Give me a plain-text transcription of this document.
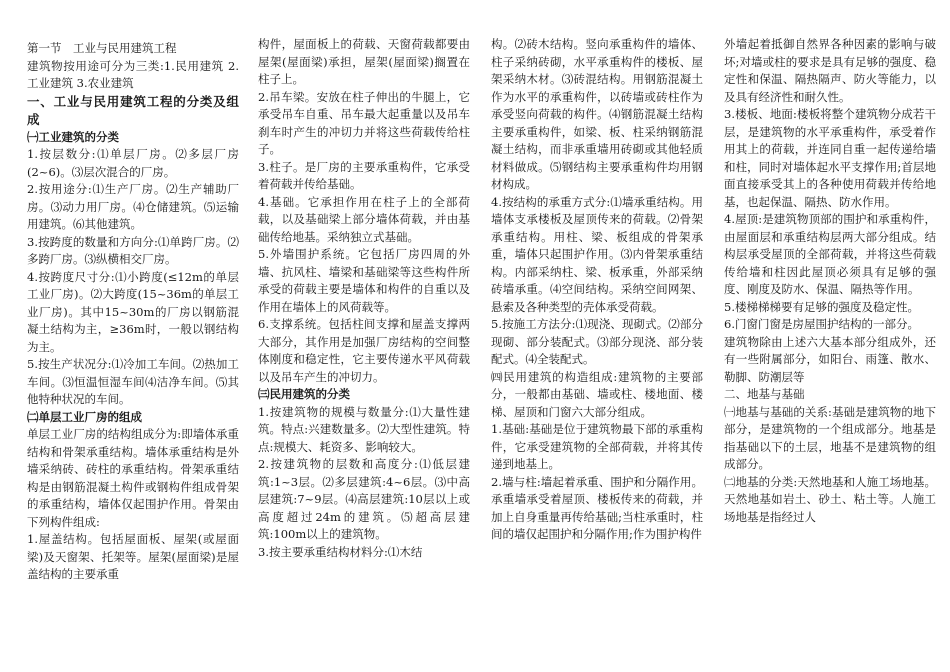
第一节　工业与民用建筑工程

建筑物按用途可分为三类:1.民用建筑 2.工业建筑 3.农业建筑

一、工业与民用建筑工程的分类及组成

㈠工业建筑的分类

1.按层数分:⑴单层厂房。⑵多层厂房(2~6)。⑶层次混合的厂房。

2.按用途分:⑴生产厂房。⑵生产辅助厂房。⑶动力用厂房。⑷仓储建筑。⑸运输用建筑。⑹其他建筑。

3.按跨度的数量和方向分:⑴单跨厂房。⑵多跨厂房。⑶纵横相交厂房。

4.按跨度尺寸分:⑴小跨度(≤12m的单层工业厂房)。⑵大跨度(15~36m的单层工业厂房)。其中15~30m的厂房以钢筋混凝土结构为主，≥36m时，一般以钢结构为主。

5.按生产状况分:⑴冷加工车间。⑵热加工车间。⑶恒温恒湿车间⑷洁净车间。⑸其他特种状况的车间。

㈡单层工业厂房的组成

单层工业厂房的结构组成分为:即墙体承重结构和骨架承重结构。墙体承重结构是外墙采纳砖、砖柱的承重结构。骨架承重结构是由钢筋混凝土构件或钢构件组成骨架的承重结构，墙体仅起围护作用。骨架由下列构件组成:

1.屋盖结构。包括屋面板、屋架(或屋面梁)及天窗架、托架等。屋架(屋面梁)是屋盖结构的主要承重

构件，屋面板上的荷载、天窗荷载都要由屋架(屋面梁)承担，屋架(屋面梁)搁置在柱子上。

2.吊车梁。安放在柱子伸出的牛腿上，它承受吊车自重、吊车最大起重量以及吊车刹车时产生的冲切力并将这些荷载传给柱子。

3.柱子。是厂房的主要承重构件，它承受着荷载并传给基础。

4.基础。它承担作用在柱子上的全部荷载，以及基础梁上部分墙体荷载，并由基础传给地基。采纳独立式基础。

5.外墙围护系统。它包括厂房四周的外墙、抗风柱、墙梁和基础梁等这些构件所承受的荷载主要是墙体和构件的自重以及作用在墙体上的风荷载等。

6.支撑系统。包括柱间支撑和屋盖支撑两大部分，其作用是加强厂房结构的空间整体刚度和稳定性，它主要传递水平风荷载以及吊车产生的冲切力。

㈢民用建筑的分类

1.按建筑物的规模与数量分:⑴大量性建筑。特点:兴建数量多。⑵大型性建筑。特点:规模大、耗资多、影响较大。

2.按建筑物的层数和高度分:⑴低层建筑:1~3层。⑵多层建筑:4~6层。⑶中高层建筑:7~9层。⑷高层建筑:10层以上或高度超过24m的建筑。⑸超高层建筑:100m以上的建筑物。

3.按主要承重结构材料分:⑴木结

构。⑵砖木结构。竖向承重构件的墙体、柱子采纳砖砌，水平承重构件的楼板、屋架采纳木材。⑶砖混结构。用钢筋混凝土作为水平的承重构件，以砖墙或砖柱作为承受竖向荷载的构件。⑷钢筋混凝土结构主要承重构件，如梁、板、柱采纳钢筋混凝土结构，而非承重墙用砖砌或其他轻质材料做成。⑸钢结构主要承重构件均用钢材构成。

4.按结构的承重方式分:⑴墙承重结构。用墙体支承楼板及屋顶传来的荷载。⑵骨架承重结构。用柱、梁、板组成的骨架承重，墙体只起围护作用。⑶内骨架承重结构。内部采纳柱、梁、板承重，外部采纳砖墙承重。⑷空间结构。采纳空间网架、悬索及各种类型的壳体承受荷载。

5.按施工方法分:⑴现浇、现砌式。⑵部分现砌、部分装配式。⑶部分现浇、部分装配式。⑷全装配式。

㈣民用建筑的构造组成:建筑物的主要部分，一般都由基础、墙或柱、楼地面、楼梯、屋顶和门窗六大部分组成。

1.基础:基础是位于建筑物最下部的承重构件，它承受建筑物的全部荷载，并将其传递到地基上。

2.墙与柱:墙起着承重、围护和分隔作用。承重墙承受着屋顶、楼板传来的荷载，并加上自身重量再传给基础;当柱承重时，柱间的墙仅起围护和分隔作用;作为围护构件

外墙起着抵御自然界各种因素的影响与破坏;对墙或柱的要求是具有足够的强度、稳定性和保温、隔热隔声、防火等能力，以及具有经济性和耐久性。

3.楼板、地面:楼板将整个建筑物分成若干层，是建筑物的水平承重构件，承受着作用其上的荷载，并连同自重一起传递给墙和柱，同时对墙体起水平支撑作用;首层地面直接承受其上的各种使用荷载并传给地基，也起保温、隔热、防水作用。

4.屋顶:是建筑物顶部的围护和承重构件，由屋面层和承重结构层两大部分组成。结构层承受屋顶的全部荷载，并将这些荷载传给墙和柱因此屋顶必须具有足够的强度、刚度及防水、保温、隔热等作用。

5.楼梯梯梯要有足够的强度及稳定性。

6.门窗门窗是房屋围护结构的一部分。

建筑物除由上述六大基本部分组成外，还有一些附属部分，如阳台、雨篷、散水、勒脚、防潮层等

二、地基与基础

㈠地基与基础的关系:基础是建筑物的地下部分，是建筑物的一个组成部分。地基是指基础以下的土层，地基不是建筑物的组成部分。

㈡地基的分类:天然地基和人施工场地基。天然地基如岩土、砂土、粘土等。人施工场地基是指经过人
